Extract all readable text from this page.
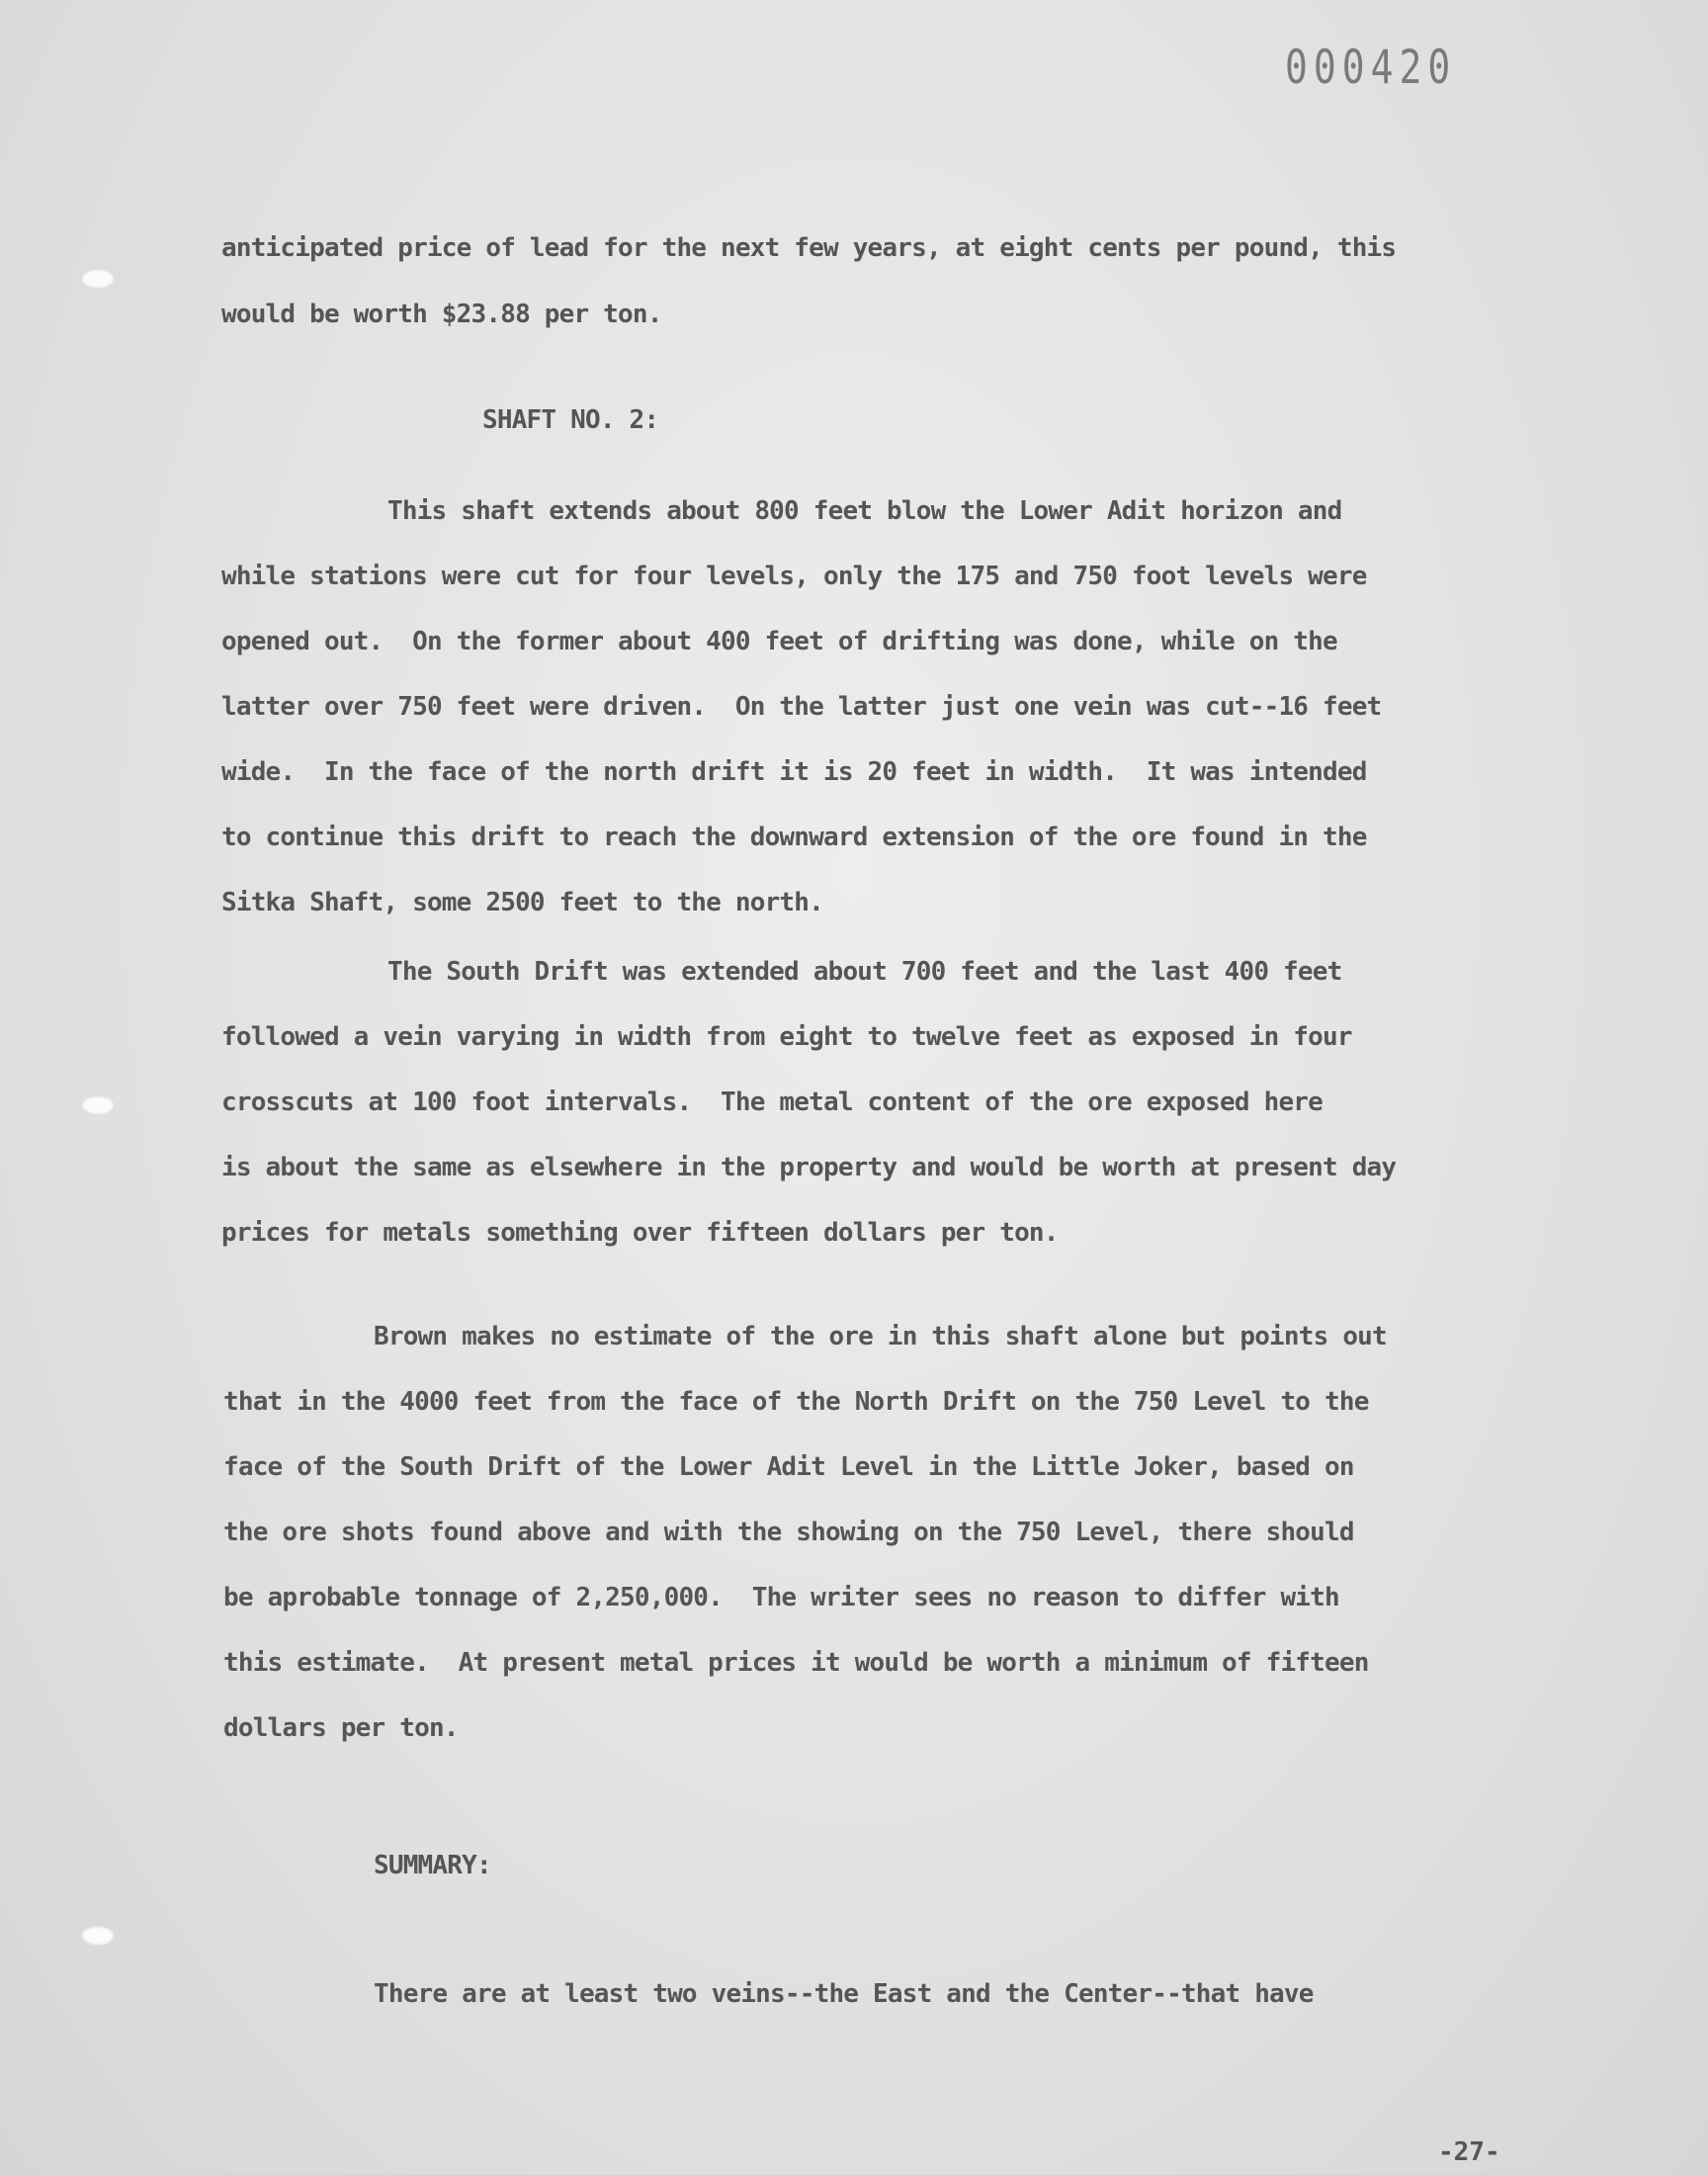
000420

anticipated price of lead for the next few years, at eight cents per pound, this

would be worth $23.88 per ton.

SHAFT NO. 2:

This shaft extends about 800 feet blow the Lower Adit horizon and

while stations were cut for four levels, only the 175 and 750 foot levels were

opened out.  On the former about 400 feet of drifting was done, while on the

latter over 750 feet were driven.  On the latter just one vein was cut--16 feet

wide.  In the face of the north drift it is 20 feet in width.  It was intended

to continue this drift to reach the downward extension of the ore found in the

Sitka Shaft, some 2500 feet to the north.

The South Drift was extended about 700 feet and the last 400 feet

followed a vein varying in width from eight to twelve feet as exposed in four

crosscuts at 100 foot intervals.  The metal content of the ore exposed here

is about the same as elsewhere in the property and would be worth at present day

prices for metals something over fifteen dollars per ton.

Brown makes no estimate of the ore in this shaft alone but points out

that in the 4000 feet from the face of the North Drift on the 750 Level to the

face of the South Drift of the Lower Adit Level in the Little Joker, based on

the ore shots found above and with the showing on the 750 Level, there should

be aprobable tonnage of 2,250,000.  The writer sees no reason to differ with

this estimate.  At present metal prices it would be worth a minimum of fifteen

dollars per ton.

SUMMARY:

There are at least two veins--the East and the Center--that have

-27-
